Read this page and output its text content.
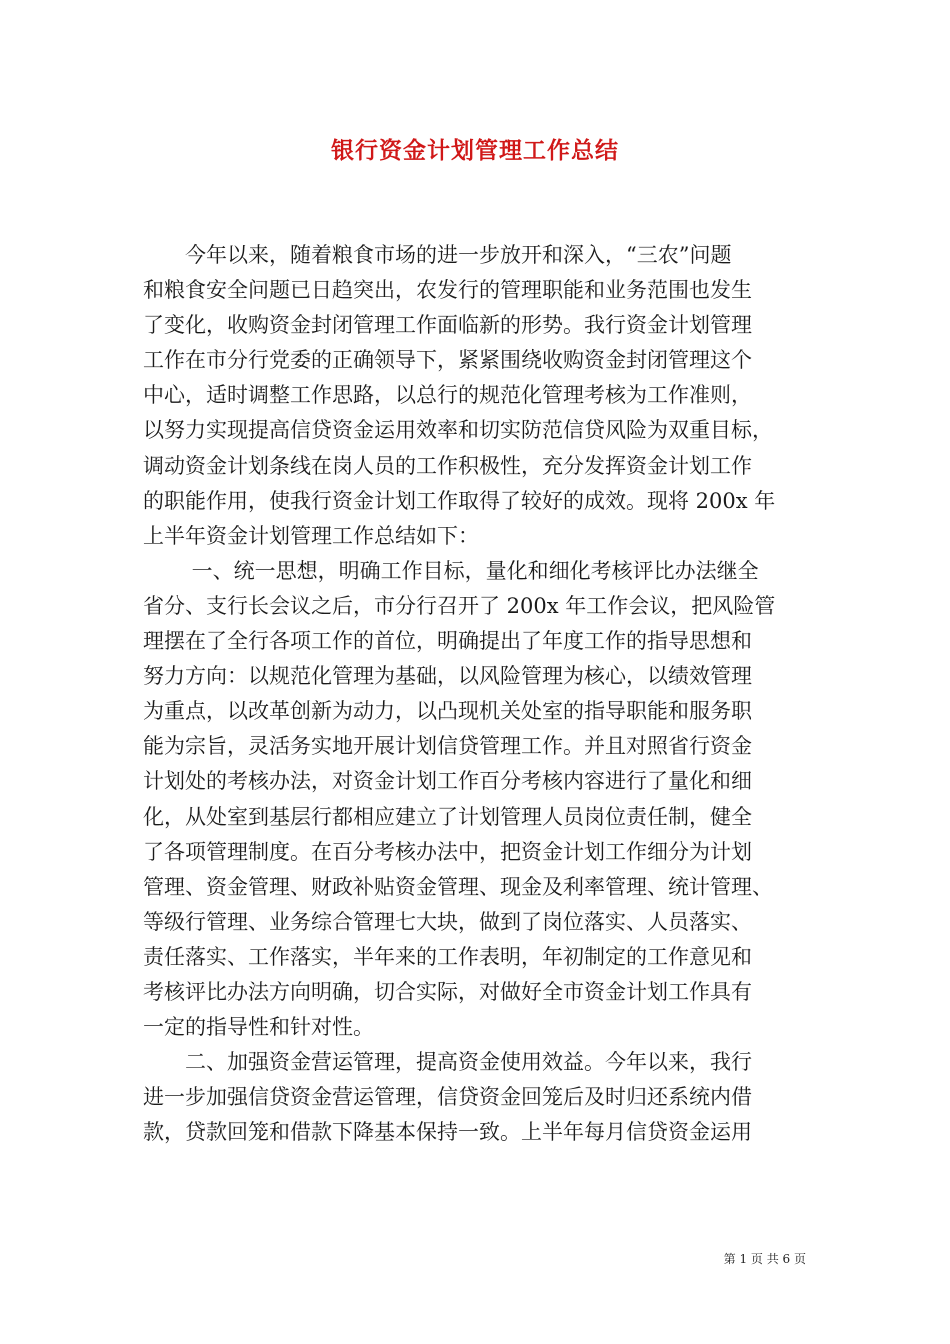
银行资金计划管理工作总结
　　今年以来，随着粮食市场的进一步放开和深入，“三农”问题
和粮食安全问题已日趋突出，农发行的管理职能和业务范围也发生
了变化，收购资金封闭管理工作面临新的形势。我行资金计划管理
工作在市分行党委的正确领导下，紧紧围绕收购资金封闭管理这个
中心，适时调整工作思路，以总行的规范化管理考核为工作准则，
以努力实现提高信贷资金运用效率和切实防范信贷风险为双重目标，
调动资金计划条线在岗人员的工作积极性，充分发挥资金计划工作
的职能作用，使我行资金计划工作取得了较好的成效。现将 200x 年
上半年资金计划管理工作总结如下：
　　 一、统一思想，明确工作目标，量化和细化考核评比办法继全
省分、支行长会议之后，市分行召开了 200x 年工作会议，把风险管
理摆在了全行各项工作的首位，明确提出了年度工作的指导思想和
努力方向：以规范化管理为基础，以风险管理为核心，以绩效管理
为重点，以改革创新为动力，以凸现机关处室的指导职能和服务职
能为宗旨，灵活务实地开展计划信贷管理工作。并且对照省行资金
计划处的考核办法，对资金计划工作百分考核内容进行了量化和细
化，从处室到基层行都相应建立了计划管理人员岗位责任制，健全
了各项管理制度。在百分考核办法中，把资金计划工作细分为计划
管理、资金管理、财政补贴资金管理、现金及利率管理、统计管理、
等级行管理、业务综合管理七大块，做到了岗位落实、人员落实、
责任落实、工作落实，半年来的工作表明，年初制定的工作意见和
考核评比办法方向明确，切合实际，对做好全市资金计划工作具有
一定的指导性和针对性。
　　二、加强资金营运管理，提高资金使用效益。今年以来，我行
进一步加强信贷资金营运管理，信贷资金回笼后及时归还系统内借
款，贷款回笼和借款下降基本保持一致。上半年每月信贷资金运用
第 1 页 共 6 页
